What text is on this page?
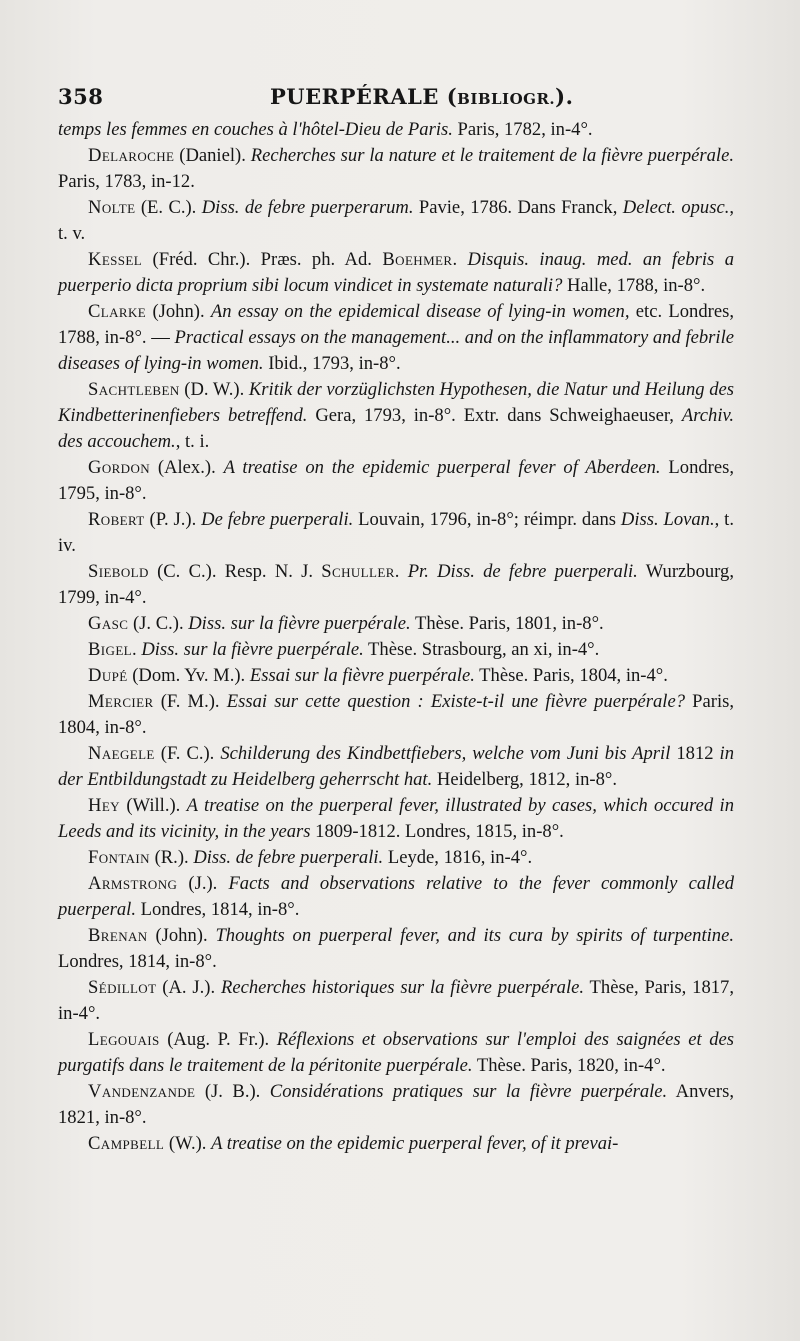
358	PUERPÉRALE (BIBLIOGR.).

temps les femmes en couches à l'hôtel-Dieu de Paris. Paris, 1782, in-4°.

Delaroche (Daniel). Recherches sur la nature et le traitement de la fièvre puerpérale. Paris, 1783, in-12.

Nolte (E. C.). Diss. de febre puerperarum. Pavie, 1786. Dans Franck, Delect. opusc., t. v.

Kessel (Fréd. Chr.). Præs. ph. Ad. Boehmer. Disquis. inaug. med. an febris a puerperio dicta proprium sibi locum vindicet in systemate naturali? Halle, 1788, in-8°.

Clarke (John). An essay on the epidemical disease of lying-in women, etc. Londres, 1788, in-8°. — Practical essays on the management... and on the inflammatory and febrile diseases of lying-in women. Ibid., 1793, in-8°.

Sachtleben (D. W.). Kritik der vorzüglichsten Hypothesen, die Natur und Heilung des Kindbetterinenfiebers betreffend. Gera, 1793, in-8°. Extr. dans Schweighaeuser, Archiv. des accouchem., t. i.

Gordon (Alex.). A treatise on the epidemic puerperal fever of Aberdeen. Londres, 1795, in-8°.

Robert (P. J.). De febre puerperali. Louvain, 1796, in-8°; réimpr. dans Diss. Lovan., t. iv.

Siebold (C. C.). Resp. N. J. Schuller. Pr. Diss. de febre puerperali. Wurzbourg, 1799, in-4°.

Gasc (J. C.). Diss. sur la fièvre puerpérale. Thèse. Paris, 1801, in-8°.

Bigel. Diss. sur la fièvre puerpérale. Thèse. Strasbourg, an xi, in-4°.

Dupé (Dom. Yv. M.). Essai sur la fièvre puerpérale. Thèse. Paris, 1804, in-4°.

Mercier (F. M.). Essai sur cette question : Existe-t-il une fièvre puerpérale? Paris, 1804, in-8°.

Naegele (F. C.). Schilderung des Kindbettfiebers, welche vom Juni bis April 1812 in der Entbildungstadt zu Heidelberg geherrscht hat. Heidelberg, 1812, in-8°.

Hey (Will.). A treatise on the puerperal fever, illustrated by cases, which occured in Leeds and its vicinity, in the years 1809-1812. Londres, 1815, in-8°.

Fontain (R.). Diss. de febre puerperali. Leyde, 1816, in-4°.

Armstrong (J.). Facts and observations relative to the fever commonly called puerperal. Londres, 1814, in-8°.

Brenan (John). Thoughts on puerperal fever, and its cura by spirits of turpentine. Londres, 1814, in-8°.

Sédillot (A. J.). Recherches historiques sur la fièvre puerpérale. Thèse, Paris, 1817, in-4°.

Legouais (Aug. P. Fr.). Réflexions et observations sur l'emploi des saignées et des purgatifs dans le traitement de la péritonite puerpérale. Thèse. Paris, 1820, in-4°.

Vandenzande (J. B.). Considérations pratiques sur la fièvre puerpérale. Anvers, 1821, in-8°.

Campbell (W.). A treatise on the epidemic puerperal fever, of it prevai-
